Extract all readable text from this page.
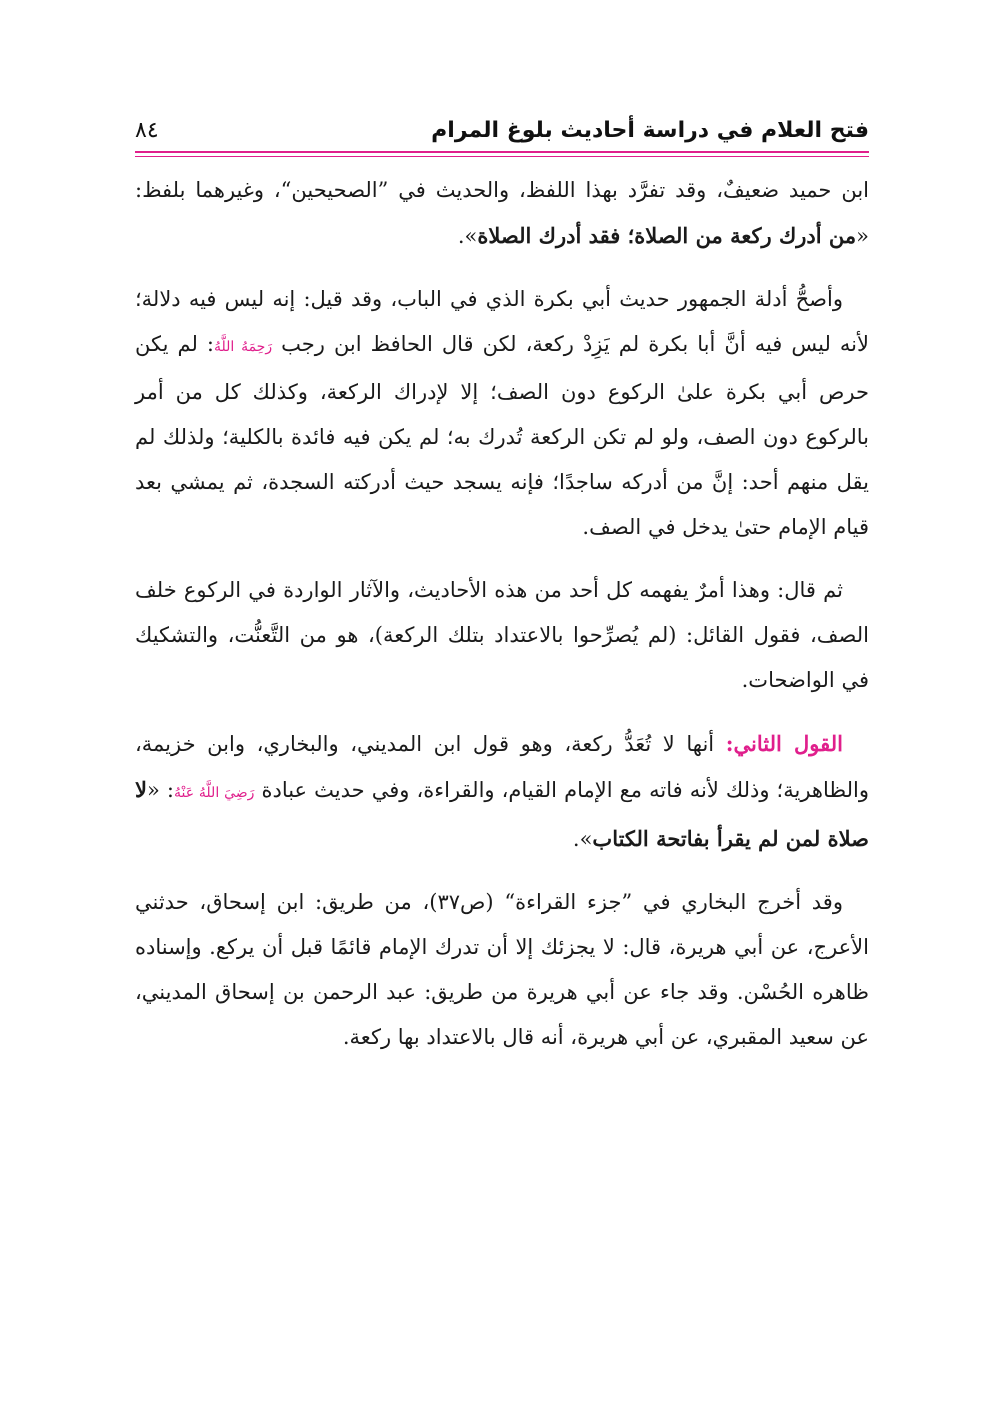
فتح العلام في دراسة أحاديث بلوغ المرام
٨٤

ابن حميد ضعيفٌ، وقد تفرَّد بهذا اللفظ، والحديث في ”الصحيحين“، وغيرهما بلفظ: «من أدرك ركعة من الصلاة؛ فقد أدرك الصلاة».

وأصحُّ أدلة الجمهور حديث أبي بكرة الذي في الباب، وقد قيل: إنه ليس فيه دلالة؛ لأنه ليس فيه أنَّ أبا بكرة لم يَزِدْ ركعة، لكن قال الحافظ ابن رجب رَحِمَهُ اللَّهُ: لم يكن حرص أبي بكرة علىٰ الركوع دون الصف؛ إلا لإدراك الركعة، وكذلك كل من أمر بالركوع دون الصف، ولو لم تكن الركعة تُدرك به؛ لم يكن فيه فائدة بالكلية؛ ولذلك لم يقل منهم أحد: إنَّ من أدركه ساجدًا؛ فإنه يسجد حيث أدركته السجدة، ثم يمشي بعد قيام الإمام حتىٰ يدخل في الصف.

ثم قال: وهذا أمرٌ يفهمه كل أحد من هذه الأحاديث، والآثار الواردة في الركوع خلف الصف، فقول القائل: (لم يُصرِّحوا بالاعتداد بتلك الركعة)، هو من التَّعنُّت، والتشكيك في الواضحات.

القول الثاني: أنها لا تُعَدُّ ركعة، وهو قول ابن المديني، والبخاري، وابن خزيمة، والظاهرية؛ وذلك لأنه فاته مع الإمام القيام، والقراءة، وفي حديث عبادة رَضِيَ اللَّهُ عَنْهُ: «لا صلاة لمن لم يقرأ بفاتحة الكتاب».

وقد أخرج البخاري في ”جزء القراءة“ (ص٣٧)، من طريق: ابن إسحاق، حدثني الأعرج، عن أبي هريرة، قال: لا يجزئك إلا أن تدرك الإمام قائمًا قبل أن يركع. وإسناده ظاهره الحُسْن. وقد جاء عن أبي هريرة من طريق: عبد الرحمن بن إسحاق المديني، عن سعيد المقبري، عن أبي هريرة، أنه قال بالاعتداد بها ركعة.
